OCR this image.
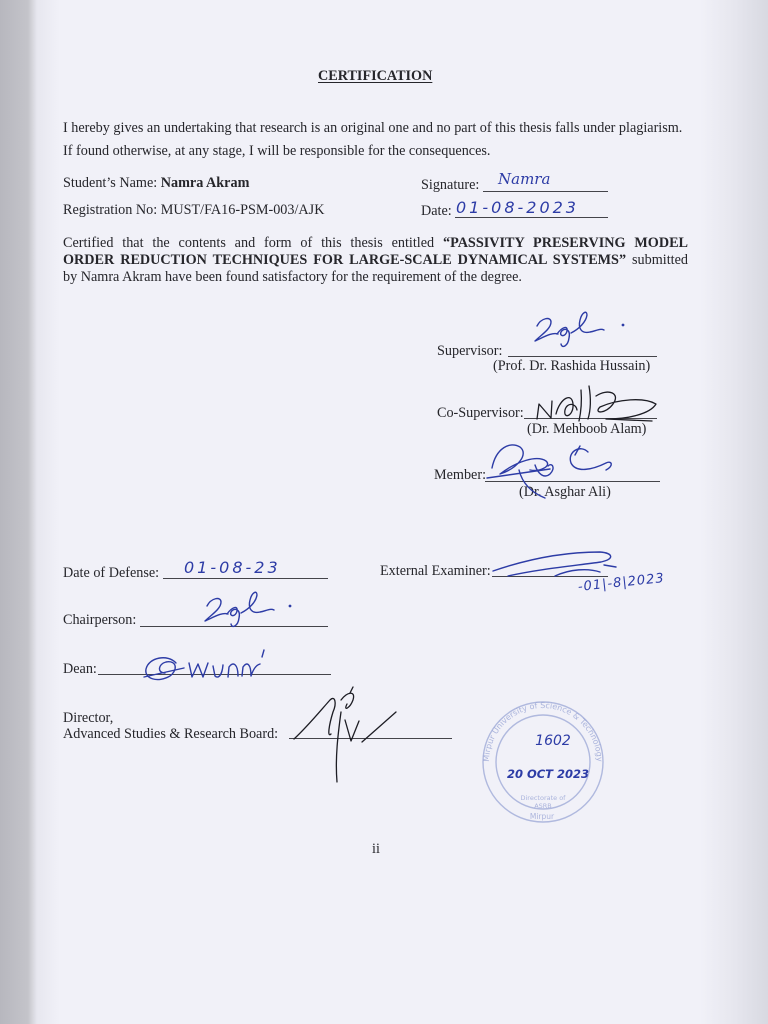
CERTIFICATION
I hereby gives an undertaking that research is an original one and no part of this thesis falls under plagiarism.
If found otherwise, at any stage, I will be responsible for the consequences.
Student’s Name: Namra Akram	Signature: Namra
Registration No: MUST/FA16-PSM-003/AJK	Date: 01-08-2023
Certified that the contents and form of this thesis entitled “PASSIVITY PRESERVING MODEL
ORDER REDUCTION TECHNIQUES FOR LARGE-SCALE DYNAMICAL SYSTEMS” submitted
by Namra Akram have been found satisfactory for the requirement of the degree.
Supervisor:
(Prof. Dr. Rashida Hussain)
Co-Supervisor:
(Dr. Mehboob Alam)
Member:
(Dr. Asghar Ali)
Date of Defense: 01-08-23	External Examiner:	-01|-8|2023
Chairperson:
Dean:
Director,
Advanced Studies & Research Board:
ii
Mirpur University of Science & Technology
Directorate of
ASRB
Mirpur
1602
20 OCT 2023
